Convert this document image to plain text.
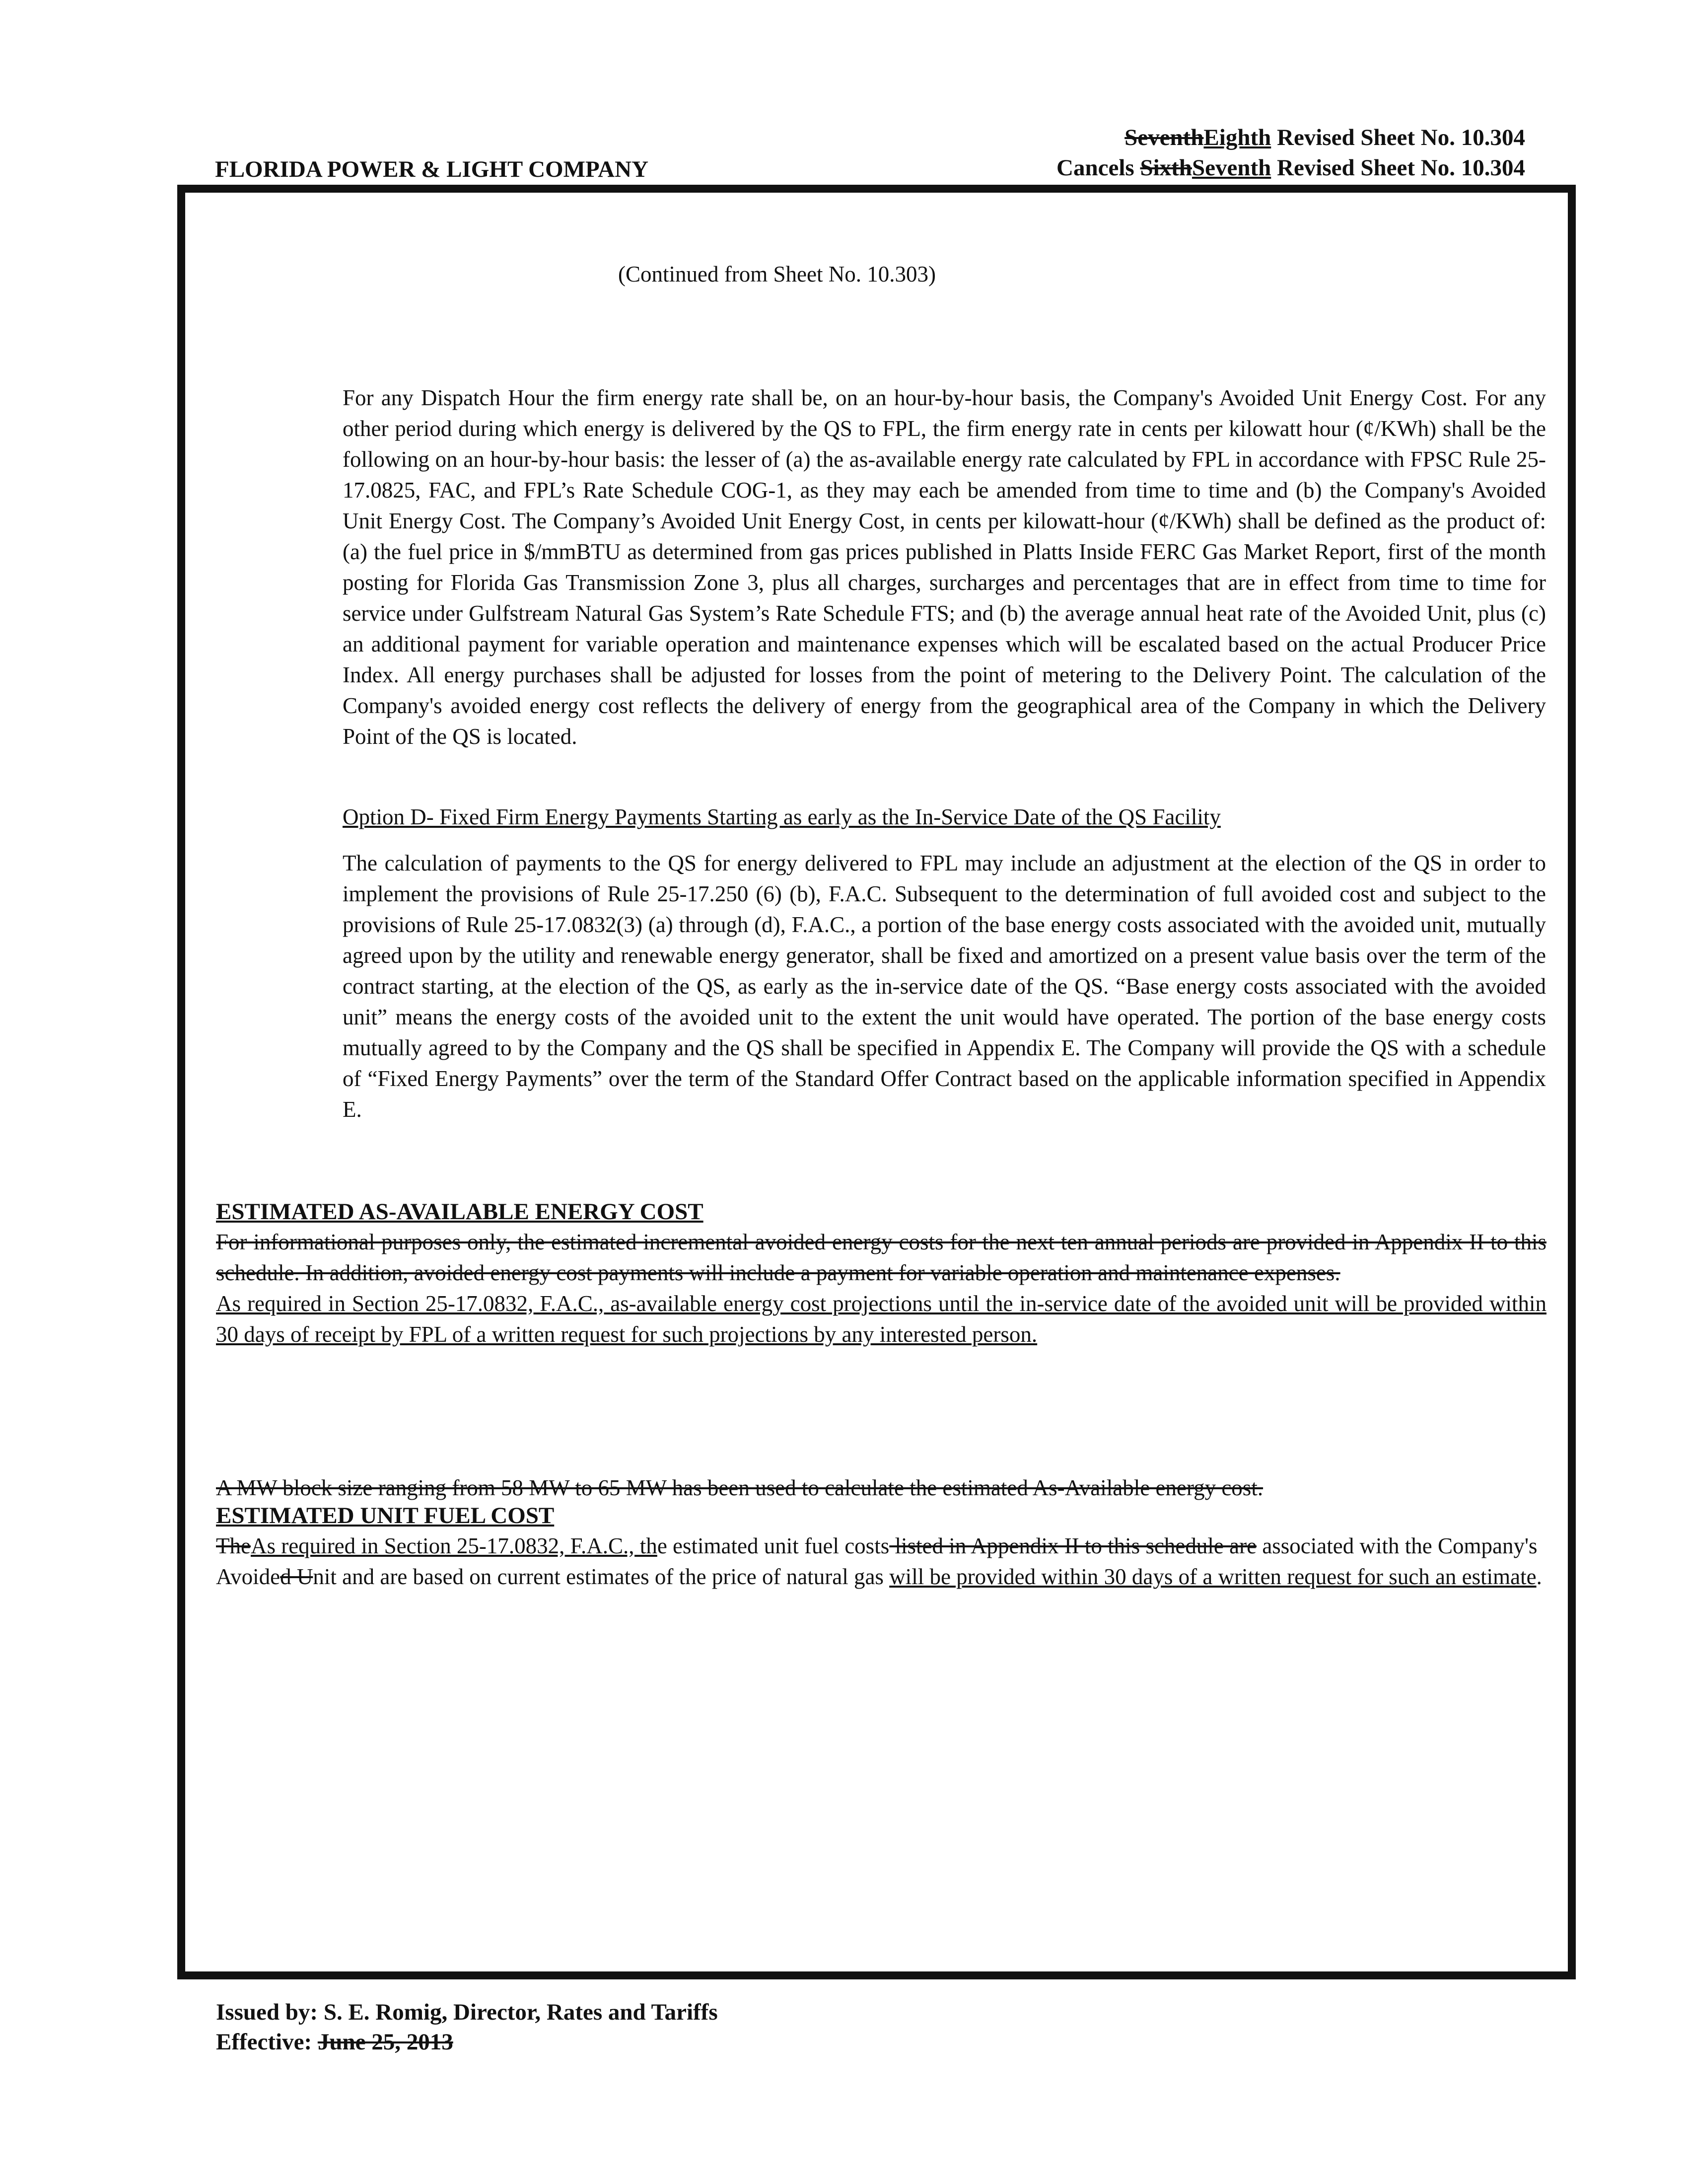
SeventhEighth Revised Sheet No. 10.304
FLORIDA POWER & LIGHT COMPANY	Cancels SixthSeventh Revised Sheet No. 10.304
(Continued from Sheet No. 10.303)

For any Dispatch Hour the firm energy rate shall be, on an hour-by-hour basis, the Company's Avoided Unit Energy Cost. For any other period during which energy is delivered by the QS to FPL, the firm energy rate in cents per kilowatt hour (¢/KWh) shall be the following on an hour-by-hour basis: the lesser of (a) the as-available energy rate calculated by FPL in accordance with FPSC Rule 25-17.0825, FAC, and FPL’s Rate Schedule COG-1, as they may each be amended from time to time and (b) the Company's Avoided Unit Energy Cost. The Company’s Avoided Unit Energy Cost, in cents per kilowatt-hour (¢/KWh) shall be defined as the product of: (a) the fuel price in $/mmBTU as determined from gas prices published in Platts Inside FERC Gas Market Report, first of the month posting for Florida Gas Transmission Zone 3, plus all charges, surcharges and percentages that are in effect from time to time for service under Gulfstream Natural Gas System’s Rate Schedule FTS; and (b) the average annual heat rate of the Avoided Unit, plus (c) an additional payment for variable operation and maintenance expenses which will be escalated based on the actual Producer Price Index. All energy purchases shall be adjusted for losses from the point of metering to the Delivery Point. The calculation of the Company's avoided energy cost reflects the delivery of energy from the geographical area of the Company in which the Delivery Point of the QS is located.

Option D- Fixed Firm Energy Payments Starting as early as the In-Service Date of the QS Facility

The calculation of payments to the QS for energy delivered to FPL may include an adjustment at the election of the QS in order to implement the provisions of Rule 25-17.250 (6) (b), F.A.C. Subsequent to the determination of full avoided cost and subject to the provisions of Rule 25-17.0832(3) (a) through (d), F.A.C., a portion of the base energy costs associated with the avoided unit, mutually agreed upon by the utility and renewable energy generator, shall be fixed and amortized on a present value basis over the term of the contract starting, at the election of the QS, as early as the in-service date of the QS. “Base energy costs associated with the avoided unit” means the energy costs of the avoided unit to the extent the unit would have operated. The portion of the base energy costs mutually agreed to by the Company and the QS shall be specified in Appendix E. The Company will provide the QS with a schedule of “Fixed Energy Payments” over the term of the Standard Offer Contract based on the applicable information specified in Appendix E.

ESTIMATED AS-AVAILABLE ENERGY COST

For informational purposes only, the estimated incremental avoided energy costs for the next ten annual periods are provided in Appendix II to this schedule. In addition, avoided energy cost payments will include a payment for variable operation and maintenance expenses.

As required in Section 25-17.0832, F.A.C., as-available energy cost projections until the in-service date of the avoided unit will be provided within 30 days of receipt by FPL of a written request for such projections by any interested person.

A MW block size ranging from 58 MW to 65 MW has been used to calculate the estimated As-Available energy cost.
ESTIMATED UNIT FUEL COST

TheAs required in Section 25-17.0832, F.A.C., the estimated unit fuel costs listed in Appendix II to this schedule are associated with the Company's Avoided Unit and are based on current estimates of the price of natural gas will be provided within 30 days of a written request for such an estimate.

Issued by: S. E. Romig, Director, Rates and Tariffs
Effective: June 25, 2013
